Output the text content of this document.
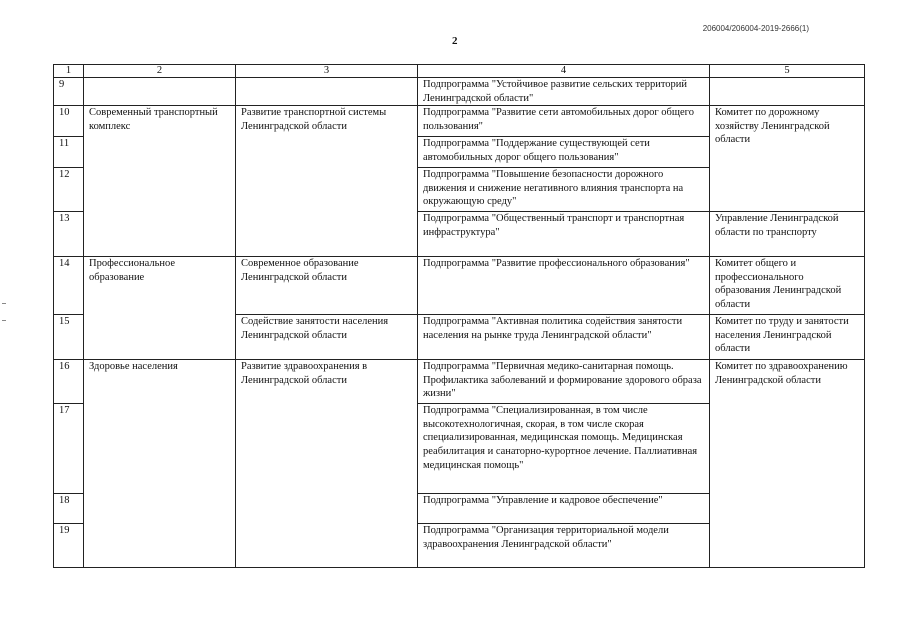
206004/206004-2019-2666(1)
2
1	2	3	4	5
9			Подпрограмма "Устойчивое развитие сельских территорий Ленинградской области"	
10	Современный транспортный комплекс	Развитие транспортной системы Ленинградской области	Подпрограмма "Развитие сети автомобильных дорог общего пользования"	Комитет по дорожному хозяйству Ленинградской области
11			Подпрограмма "Поддержание существующей сети автомобильных дорог общего пользования"	
12			Подпрограмма "Повышение безопасности дорожного движения и снижение негативного влияния транспорта на окружающую среду"	
13			Подпрограмма "Общественный транспорт и транспортная инфраструктура"	Управление Ленинградской области по транспорту
14	Профессиональное образование	Современное образование Ленинградской области	Подпрограмма "Развитие профессионального образования"	Комитет общего и профессионального образования Ленинградской области
15		Содействие занятости населения Ленинградской области	Подпрограмма "Активная политика содействия занятости населения на рынке труда Ленинградской области"	Комитет по труду и занятости населения Ленинградской области
16	Здоровье населения	Развитие здравоохранения в Ленинградской области	Подпрограмма "Первичная медико-санитарная помощь. Профилактика заболеваний и формирование здорового образа жизни"	Комитет по здравоохранению Ленинградской области
17			Подпрограмма "Специализированная, в том числе высокотехнологичная, скорая, в том числе скорая специализированная, медицинская помощь. Медицинская реабилитация и санаторно-курортное лечение. Паллиативная медицинская помощь"	
18			Подпрограмма "Управление и кадровое обеспечение"	
19			Подпрограмма "Организация территориальной модели здравоохранения Ленинградской области"	
